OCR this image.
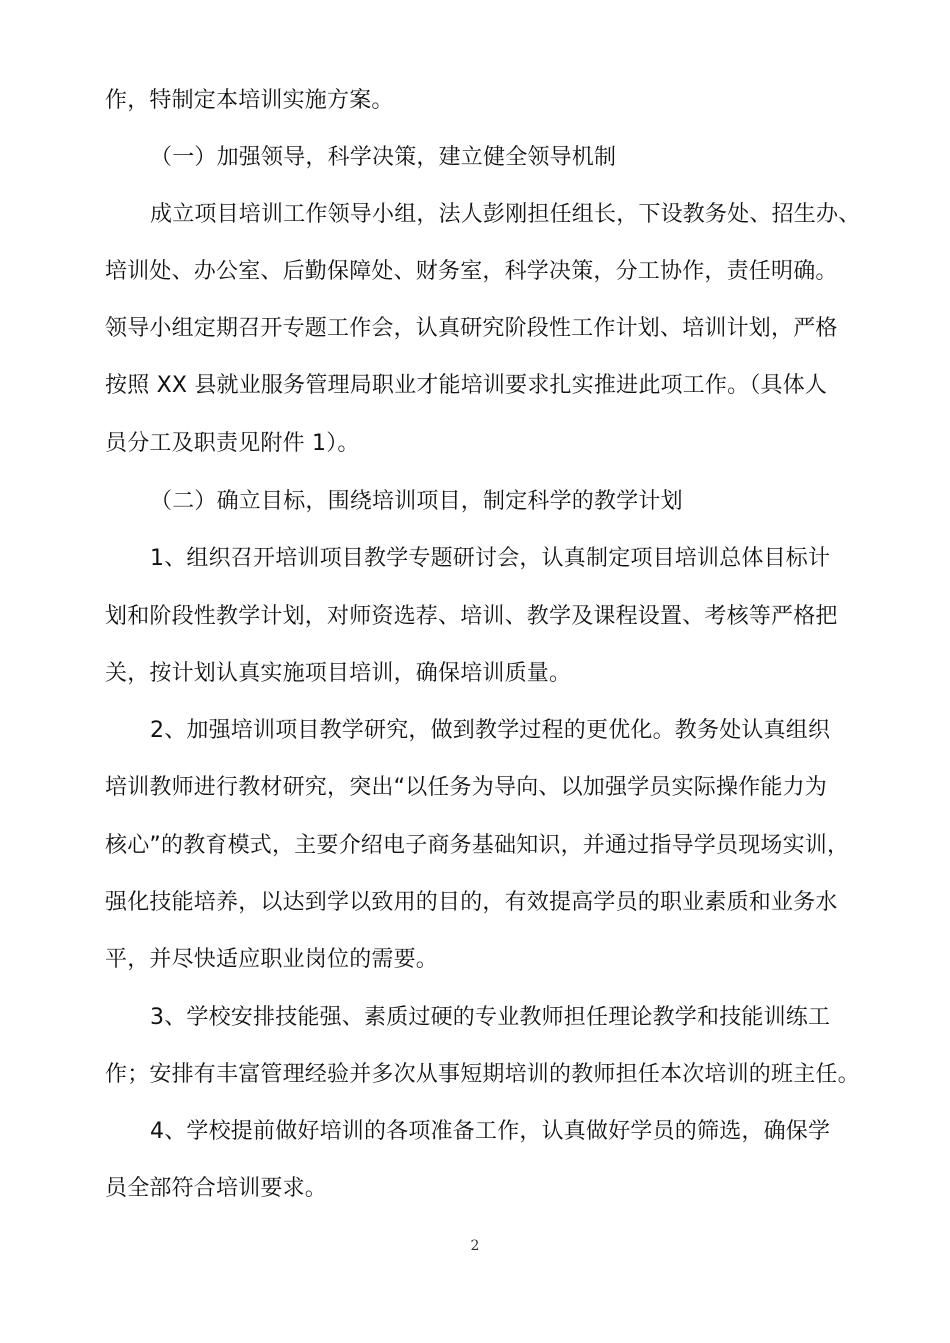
作，特制定本培训实施方案。
（一）加强领导，科学决策，建立健全领导机制
成立项目培训工作领导小组，法人彭刚担任组长，下设教务处、招生办、
培训处、办公室、后勤保障处、财务室，科学决策，分工协作，责任明确。
领导小组定期召开专题工作会，认真研究阶段性工作计划、培训计划，严格
按照 XX 县就业服务管理局职业才能培训要求扎实推进此项工作。（具体人
员分工及职责见附件 1）。
（二）确立目标，围绕培训项目，制定科学的教学计划
1、组织召开培训项目教学专题研讨会，认真制定项目培训总体目标计
划和阶段性教学计划，对师资选荐、培训、教学及课程设置、考核等严格把
关，按计划认真实施项目培训，确保培训质量。
2、加强培训项目教学研究，做到教学过程的更优化。教务处认真组织
培训教师进行教材研究，突出“以任务为导向、以加强学员实际操作能力为
核心”的教育模式，主要介绍电子商务基础知识，并通过指导学员现场实训，
强化技能培养，以达到学以致用的目的，有效提高学员的职业素质和业务水
平，并尽快适应职业岗位的需要。
3、学校安排技能强、素质过硬的专业教师担任理论教学和技能训练工
作；安排有丰富管理经验并多次从事短期培训的教师担任本次培训的班主任。
4、学校提前做好培训的各项准备工作，认真做好学员的筛选，确保学
员全部符合培训要求。
2
